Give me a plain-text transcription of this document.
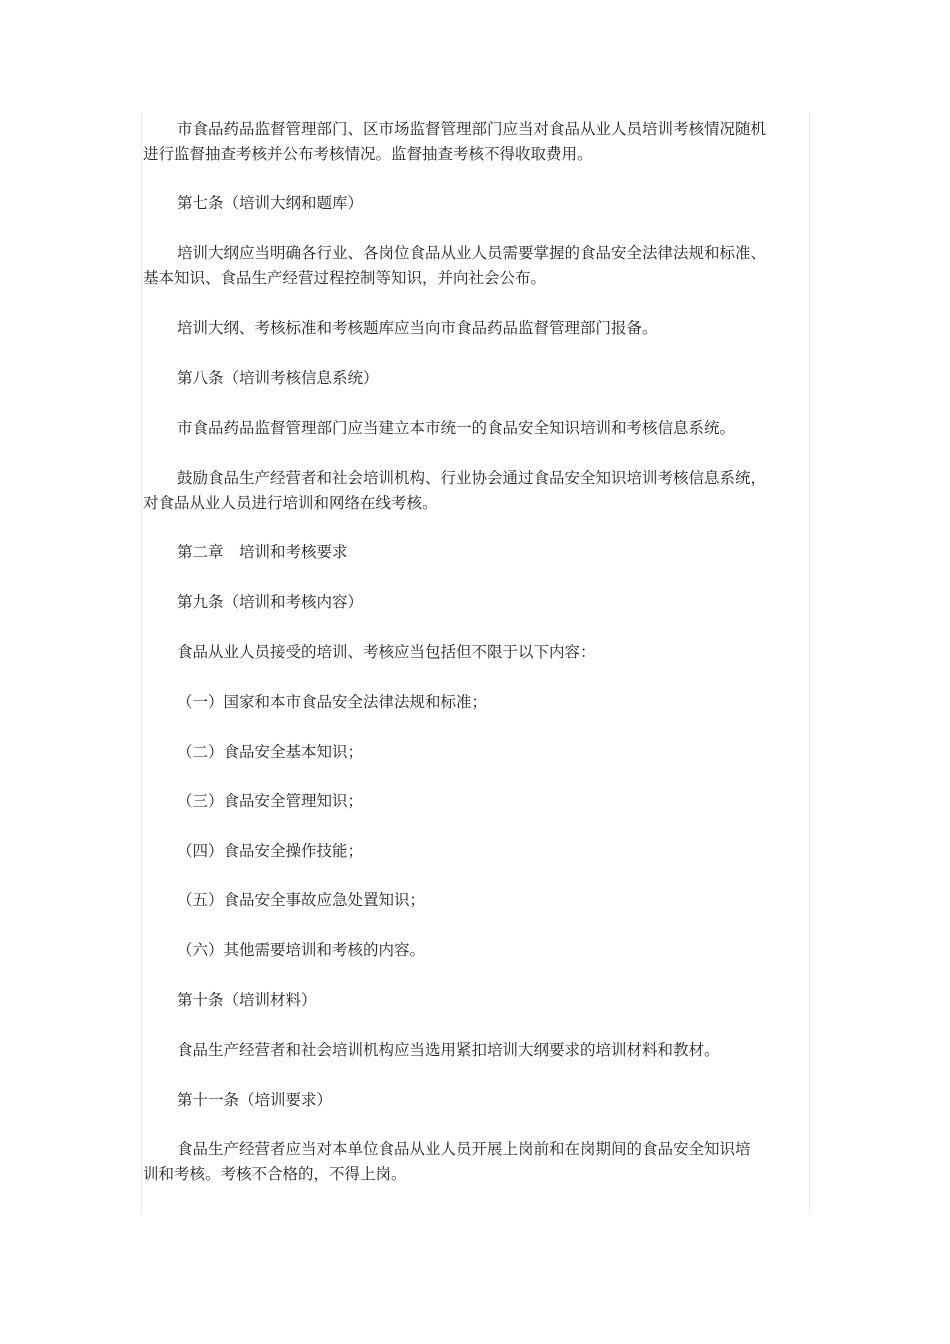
市食品药品监督管理部门、区市场监督管理部门应当对食品从业人员培训考核情况随机
进行监督抽查考核并公布考核情况。监督抽查考核不得收取费用。

第七条（培训大纲和题库）

培训大纲应当明确各行业、各岗位食品从业人员需要掌握的食品安全法律法规和标准、
基本知识、食品生产经营过程控制等知识，并向社会公布。

培训大纲、考核标准和考核题库应当向市食品药品监督管理部门报备。

第八条（培训考核信息系统）

市食品药品监督管理部门应当建立本市统一的食品安全知识培训和考核信息系统。

鼓励食品生产经营者和社会培训机构、行业协会通过食品安全知识培训考核信息系统，
对食品从业人员进行培训和网络在线考核。

第二章　培训和考核要求

第九条（培训和考核内容）

食品从业人员接受的培训、考核应当包括但不限于以下内容：

（一）国家和本市食品安全法律法规和标准；

（二）食品安全基本知识；

（三）食品安全管理知识；

（四）食品安全操作技能；

（五）食品安全事故应急处置知识；

（六）其他需要培训和考核的内容。

第十条（培训材料）

食品生产经营者和社会培训机构应当选用紧扣培训大纲要求的培训材料和教材。

第十一条（培训要求）

食品生产经营者应当对本单位食品从业人员开展上岗前和在岗期间的食品安全知识培
训和考核。考核不合格的，不得上岗。
